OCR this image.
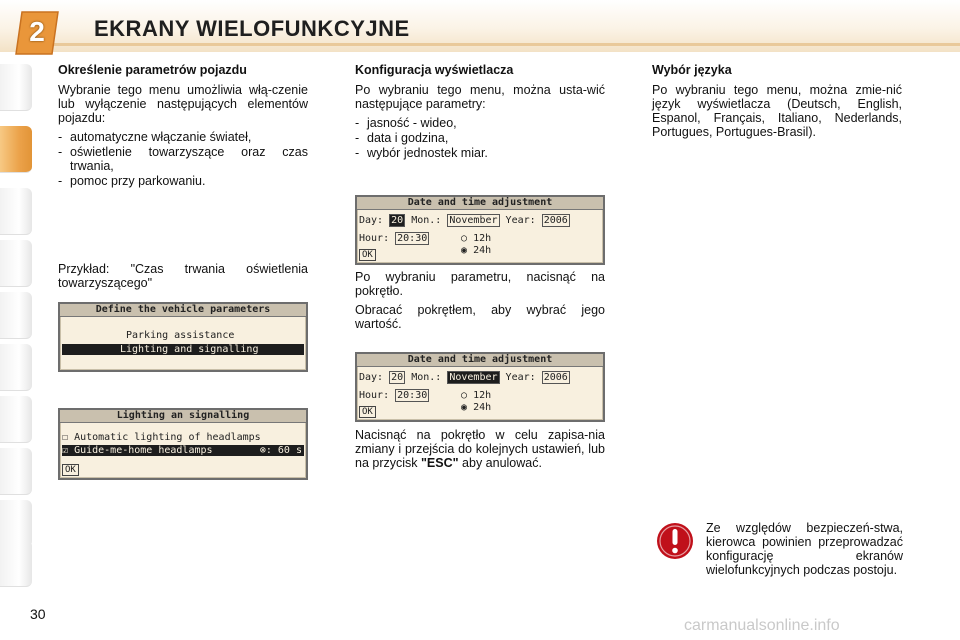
2	EKRANY WIELOFUNKCYJNE
Określenie parametrów pojazdu

Wybranie tego menu umożliwia włą-czenie lub wyłączenie następujących elementów pojazdu:

- automatyczne włączanie świateł,
- oświetlenie towarzyszące oraz czas trwania,
- pomoc przy parkowaniu.

Przykład: "Czas trwania oświetlenia towarzyszącego"

Define the vehicle parameters
Parking assistance
Lighting and signalling
Lighting an signalling
☐ Automatic lighting of headlamps
☑ Guide-me-home headlamps	⊗: 60 s
OK
Konfiguracja wyświetlacza

Po wybraniu tego menu, można usta-wić następujące parametry:

- jasność - wideo,
- data i godzina,
- wybór jednostek miar.
Date and time adjustment
Day: 20 Mon.: November Year: 2006
Hour: 20:30	○ 12h
◉ 24h
OK

Po wybraniu parametru, nacisnąć na pokrętło.

Obracać pokrętłem, aby wybrać jego wartość.

Date and time adjustment
Day: 20 Mon.: November Year: 2006
Hour: 20:30	○ 12h
◉ 24h
OK

Nacisnąć na pokrętło w celu zapisa-nia zmiany i przejścia do kolejnych ustawień, lub na przycisk "ESC" aby anulować.

Wybór języka

Po wybraniu tego menu, można zmie-nić język wyświetlacza (Deutsch, English, Espanol, Français, Italiano, Nederlands, Portugues, Portugues-Brasil).

Ze względów bezpieczeń-stwa, kierowca powinien przeprowadzać konfigurację ekranów wielofunkcyjnych podczas postoju.

30
carmanualsonline.info
